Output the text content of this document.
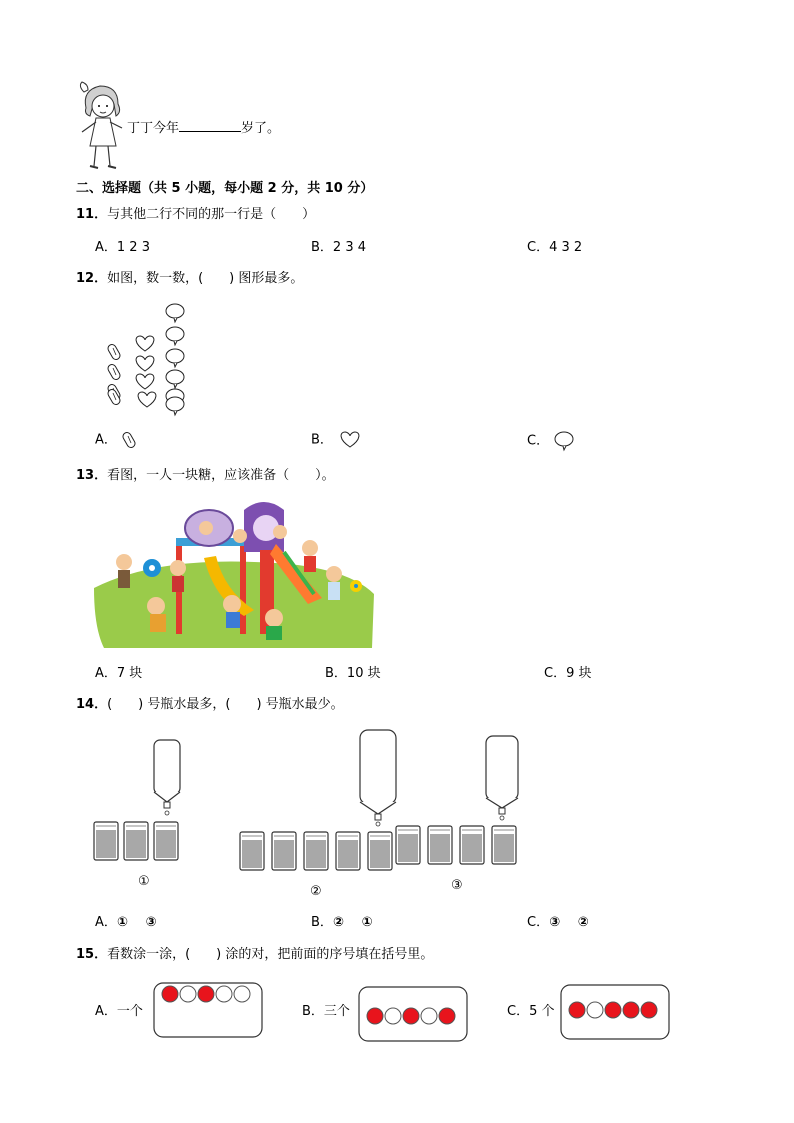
丁丁今年	岁了。
二、选择题（共 5 小题，每小题 2 分，共 10 分）
11．与其他二行不同的那一行是（　　）
A．1 2 3	B．2 3 4	C．4 3 2
12．如图，数一数，(　　) 图形最多。
A．	B．	C．
13．看图，一人一块糖，应该准备（　　）。
A．7 块	B．10 块	C．9 块
14．(　　) 号瓶水最多，(　　) 号瓶水最少。
①
②	③
A．①　 ③	B．②　 ①	C．③　 ②
15．看数涂一涂，(　　) 涂的对，把前面的序号填在括号里。
A．一个	B．三个	C．5 个
